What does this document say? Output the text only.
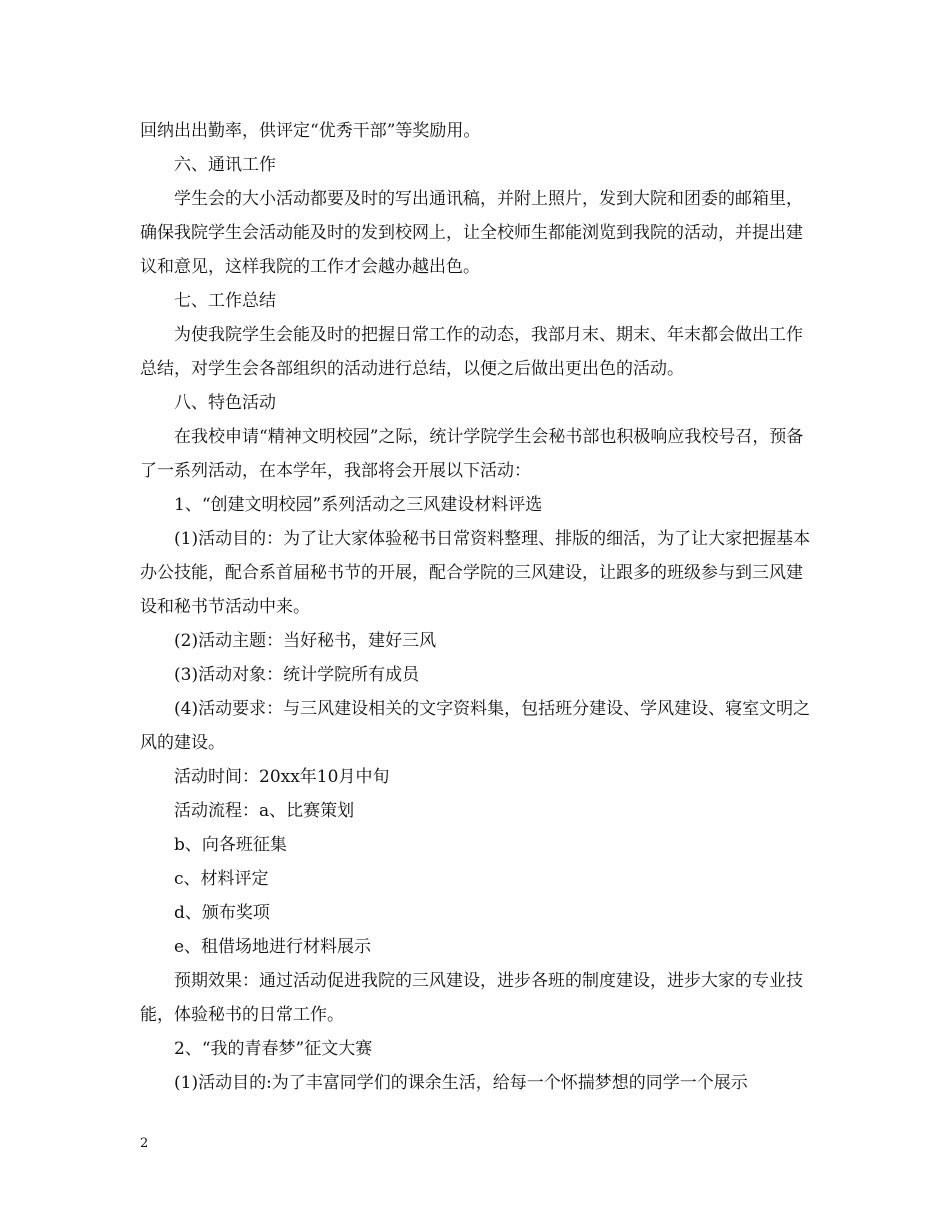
回纳出出勤率，供评定“优秀干部”等奖励用。

六、通讯工作

学生会的大小活动都要及时的写出通讯稿，并附上照片，发到大院和团委的邮箱里，确保我院学生会活动能及时的发到校网上，让全校师生都能浏览到我院的活动，并提出建议和意见，这样我院的工作才会越办越出色。

七、工作总结

为使我院学生会能及时的把握日常工作的动态，我部月末、期末、年末都会做出工作总结，对学生会各部组织的活动进行总结，以便之后做出更出色的活动。

八、特色活动

在我校申请“精神文明校园”之际，统计学院学生会秘书部也积极响应我校号召，预备了一系列活动，在本学年，我部将会开展以下活动：

1、“创建文明校园”系列活动之三风建设材料评选

(1)活动目的：为了让大家体验秘书日常资料整理、排版的细活，为了让大家把握基本办公技能，配合系首届秘书节的开展，配合学院的三风建设，让跟多的班级参与到三风建设和秘书节活动中来。

(2)活动主题：当好秘书，建好三风

(3)活动对象：统计学院所有成员

(4)活动要求：与三风建设相关的文字资料集，包括班分建设、学风建设、寝室文明之风的建设。

活动时间：20xx年10月中旬

活动流程：a、比赛策划

b、向各班征集

c、材料评定

d、颁布奖项

e、租借场地进行材料展示

预期效果：通过活动促进我院的三风建设，进步各班的制度建设，进步大家的专业技能，体验秘书的日常工作。

2、“我的青春梦”征文大赛

(1)活动目的:为了丰富同学们的课余生活，给每一个怀揣梦想的同学一个展示

2
